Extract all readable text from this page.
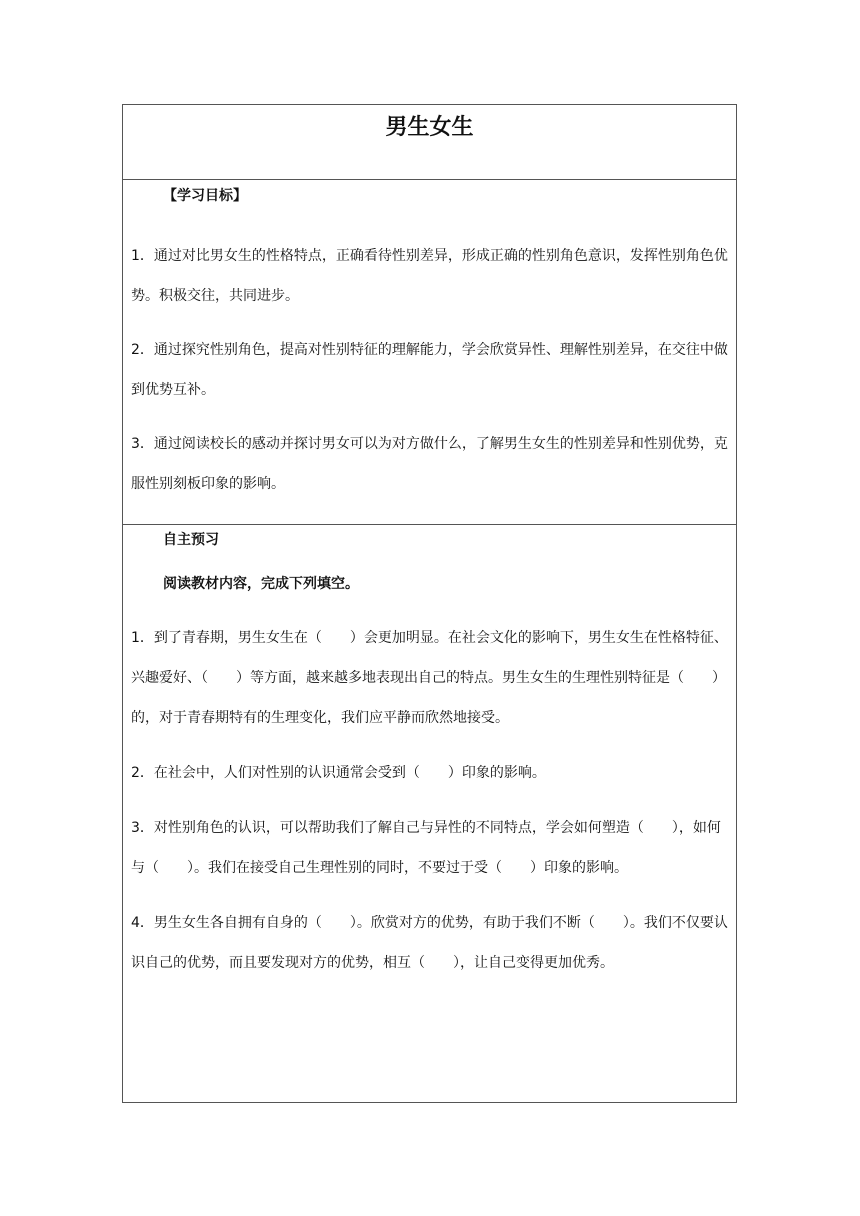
男生女生
【学习目标】

1．通过对比男女生的性格特点，正确看待性别差异，形成正确的性别角色意识，发挥性别角色优势。积极交往，共同进步。

2．通过探究性别角色，提高对性别特征的理解能力，学会欣赏异性、理解性别差异，在交往中做到优势互补。

3．通过阅读校长的感动并探讨男女可以为对方做什么，了解男生女生的性别差异和性别优势，克服性别刻板印象的影响。

自主预习
阅读教材内容，完成下列填空。

1．到了青春期，男生女生在（　　）会更加明显。在社会文化的影响下，男生女生在性格特征、兴趣爱好、（　　）等方面，越来越多地表现出自己的特点。男生女生的生理性别特征是（　　）的，对于青春期特有的生理变化，我们应平静而欣然地接受。

2．在社会中，人们对性别的认识通常会受到（　　）印象的影响。

3．对性别角色的认识，可以帮助我们了解自己与异性的不同特点，学会如何塑造（　　），如何与（　　）。我们在接受自己生理性别的同时，不要过于受（　　）印象的影响。

4．男生女生各自拥有自身的（　　）。欣赏对方的优势，有助于我们不断（　　）。我们不仅要认识自己的优势，而且要发现对方的优势，相互（　　），让自己变得更加优秀。
